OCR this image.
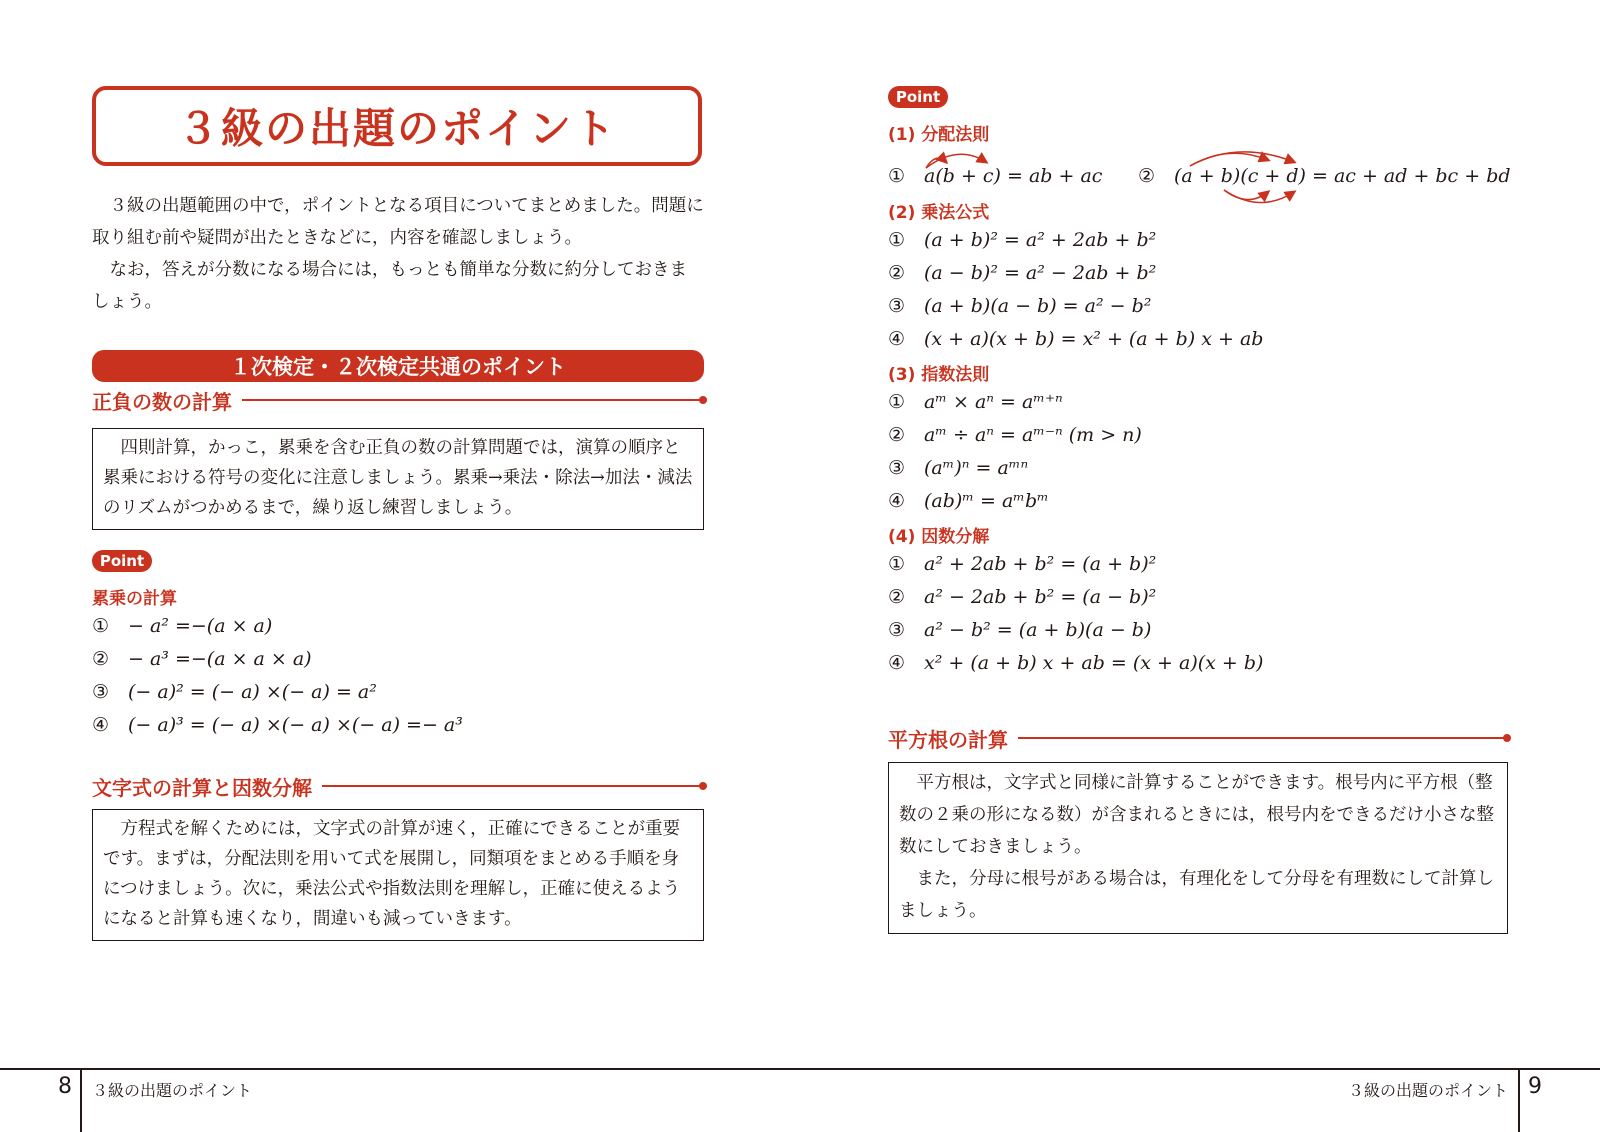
３級の出題のポイント

３級の出題範囲の中で，ポイントとなる項目についてまとめました。問題に取り組む前や疑問が出たときなどに，内容を確認しましょう。

なお，答えが分数になる場合には，もっとも簡単な分数に約分しておきましょう。

１次検定・２次検定共通のポイント
正負の数の計算

四則計算，かっこ，累乗を含む正負の数の計算問題では，演算の順序と累乗における符号の変化に注意しましょう。累乗→乗法・除法→加法・減法のリズムがつかめるまで，繰り返し練習しましょう。

Point
累乗の計算
① − a² =−(a × a)
② − a³ =−(a × a × a)
③ (− a)² = (− a) ×(− a) = a²
④ (− a)³ = (− a) ×(− a) ×(− a) =− a³
文字式の計算と因数分解

方程式を解くためには，文字式の計算が速く，正確にできることが重要です。まずは，分配法則を用いて式を展開し，同類項をまとめる手順を身につけましょう。次に，乗法公式や指数法則を理解し，正確に使えるようになると計算も速くなり，間違いも減っていきます。

Point
(1) 分配法則
① a(b + c) = ab + ac ② (a + b)(c + d) = ac + ad + bc + bd
(2) 乗法公式
① (a + b)² = a² + 2ab + b²
② (a − b)² = a² − 2ab + b²
③ (a + b)(a − b) = a² − b²
④ (x + a)(x + b) = x² + (a + b) x + ab
(3) 指数法則
① aᵐ × aⁿ = aᵐ⁺ⁿ
② aᵐ ÷ aⁿ = aᵐ⁻ⁿ (m > n)
③ (aᵐ)ⁿ = aᵐⁿ
④ (ab)ᵐ = aᵐbᵐ
(4) 因数分解
① a² + 2ab + b² = (a + b)²
② a² − 2ab + b² = (a − b)²
③ a² − b² = (a + b)(a − b)
④ x² + (a + b) x + ab = (x + a)(x + b)
平方根の計算

平方根は，文字式と同様に計算することができます。根号内に平方根（整数の２乗の形になる数）が含まれるときには，根号内をできるだけ小さな整数にしておきましょう。

また，分母に根号がある場合は，有理化をして分母を有理数にして計算しましょう。

8 ３級の出題のポイント	３級の出題のポイント 9
